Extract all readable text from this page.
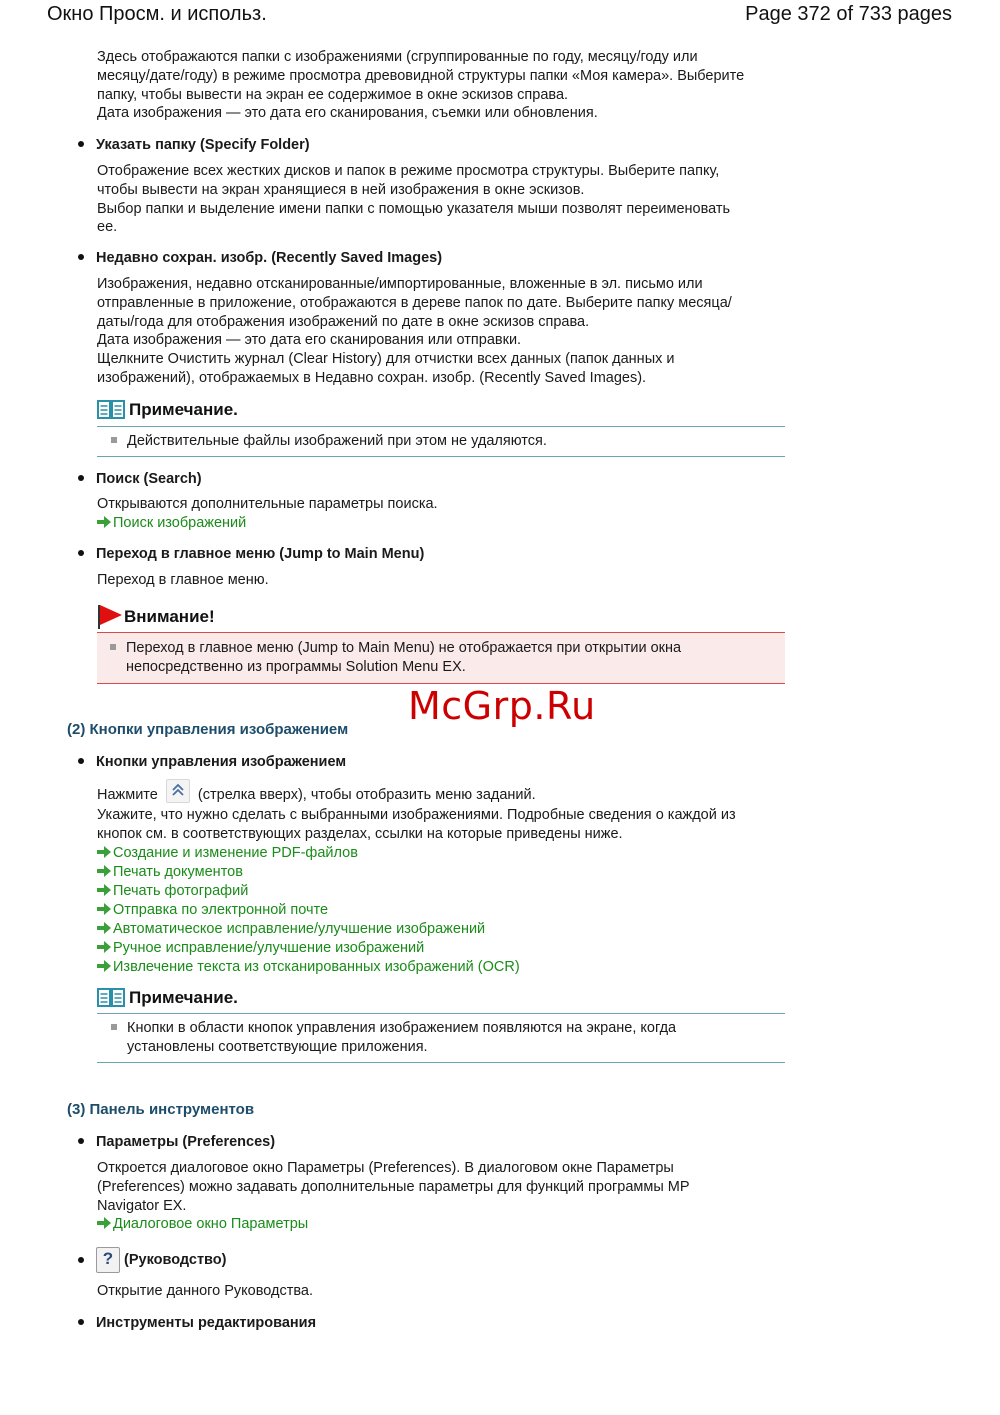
Окно Просм. и использ.	Page 372 of 733 pages

Здесь отображаются папки с изображениями (сгруппированные по году, месяцу/году или

месяцу/дате/году) в режиме просмотра древовидной структуры папки «Моя камера». Выберите

папку, чтобы вывести на экран ее содержимое в окне эскизов справа.

Дата изображения — это дата его сканирования, съемки или обновления.

Указать папку (Specify Folder)

Отображение всех жестких дисков и папок в режиме просмотра структуры. Выберите папку,

чтобы вывести на экран хранящиеся в ней изображения в окне эскизов.

Выбор папки и выделение имени папки с помощью указателя мыши позволят переименовать

ее.

Недавно сохран. изобр. (Recently Saved Images)

Изображения, недавно отсканированные/импортированные, вложенные в эл. письмо или

отправленные в приложение, отображаются в дереве папок по дате. Выберите папку месяца/

даты/года для отображения изображений по дате в окне эскизов справа.

Дата изображения — это дата его сканирования или отправки.

Щелкните Очистить журнал (Clear History) для отчистки всех данных (папок данных и

изображений), отображаемых в Недавно сохран. изобр. (Recently Saved Images).

Примечание.
Действительные файлы изображений при этом не удаляются.
Поиск (Search)

Открываются дополнительные параметры поиска.

Поиск изображений
Переход в главное меню (Jump to Main Menu)

Переход в главное меню.

Внимание!
Переход в главное меню (Jump to Main Menu) не отображается при открытии окна
непосредственно из программы Solution Menu EX.
McGrp.Ru
(2) Кнопки управления изображением
Кнопки управления изображением

Нажмите	(стрелка вверх), чтобы отобразить меню заданий.

Укажите, что нужно сделать с выбранными изображениями. Подробные сведения о каждой из

кнопок см. в соответствующих разделах, ссылки на которые приведены ниже.

Создание и изменение PDF-файлов
Печать документов
Печать фотографий
Отправка по электронной почте
Автоматическое исправление/улучшение изображений
Ручное исправление/улучшение изображений
Извлечение текста из отсканированных изображений (OCR)
Примечание.
Кнопки в области кнопок управления изображением появляются на экране, когда
установлены соответствующие приложения.
(3) Панель инструментов
Параметры (Preferences)

Откроется диалоговое окно Параметры (Preferences). В диалоговом окне Параметры

(Preferences) можно задавать дополнительные параметры для функций программы MP

Navigator EX.

Диалоговое окно Параметры
? (Руководство)

Открытие данного Руководства.

Инструменты редактирования
